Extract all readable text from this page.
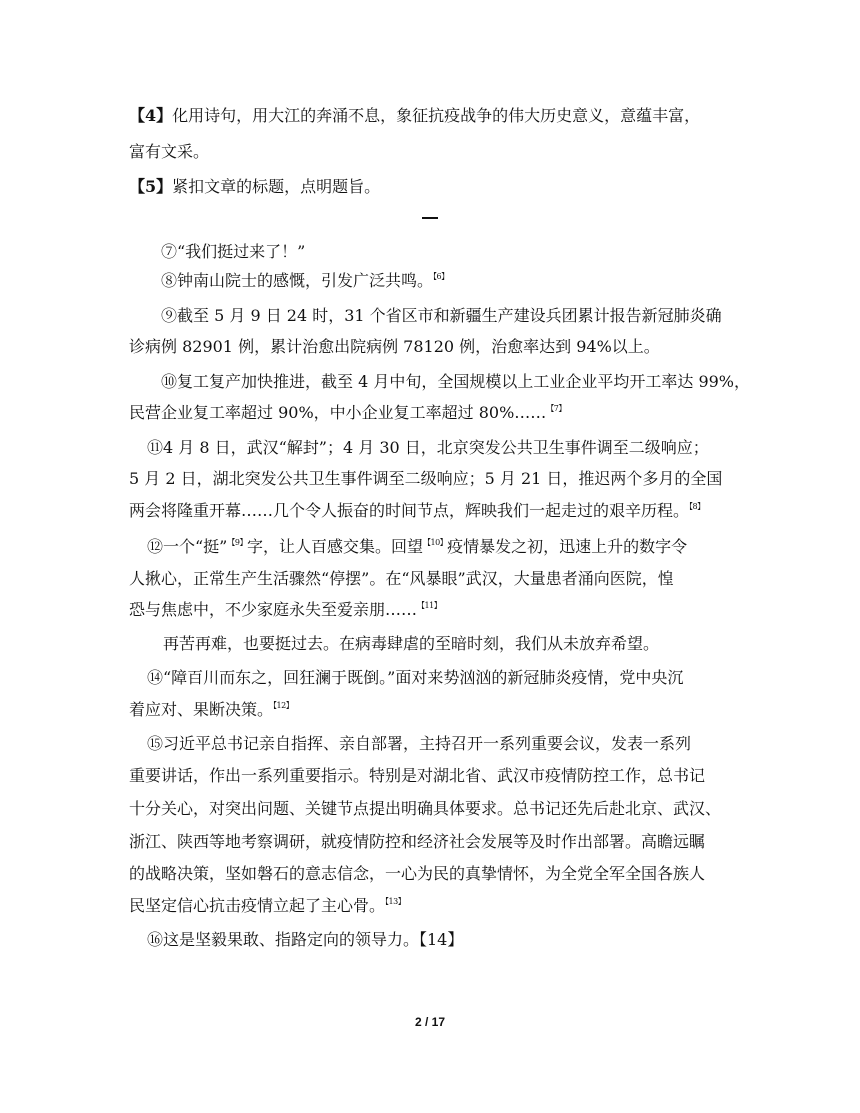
【4】化用诗句，用大江的奔涌不息，象征抗疫战争的伟大历史意义，意蕴丰富，
富有文采。
【5】紧扣文章的标题，点明题旨。
⑦“我们挺过来了！”
⑧钟南山院士的感慨，引发广泛共鸣。$^{【6】}$
⑨截至 5 月 9 日 24 时，31 个省区市和新疆生产建设兵团累计报告新冠肺炎确
诊病例 82901 例，累计治愈出院病例 78120 例，治愈率达到 94%以上。
⑩复工复产加快推进，截至 4 月中旬，全国规模以上工业企业平均开工率达 99%，
民营企业复工率超过 90%，中小企业复工率超过 80%……$^{【7】}$
⑪4 月 8 日，武汉“解封”；4 月 30 日，北京突发公共卫生事件调至二级响应；
5 月 2 日，湖北突发公共卫生事件调至二级响应；5 月 21 日，推迟两个多月的全国
两会将隆重开幕……几个令人振奋的时间节点，辉映我们一起走过的艰辛历程。$^{【8】}$
⑫一个“挺”$^{【9】}$字，让人百感交集。回望$^{【10】}$疫情暴发之初，迅速上升的数字令
人揪心，正常生产生活骤然“停摆”。在“风暴眼”武汉，大量患者涌向医院，惶
恐与焦虑中，不少家庭永失至爱亲朋……$^{【11】}$
再苦再难，也要挺过去。在病毒肆虐的至暗时刻，我们从未放弃希望。
⑭“障百川而东之，回狂澜于既倒。”面对来势汹汹的新冠肺炎疫情，党中央沉
着应对、果断决策。$^{【12】}$
⑮习近平总书记亲自指挥、亲自部署，主持召开一系列重要会议，发表一系列
重要讲话，作出一系列重要指示。特别是对湖北省、武汉市疫情防控工作，总书记
十分关心，对突出问题、关键节点提出明确具体要求。总书记还先后赴北京、武汉、
浙江、陕西等地考察调研，就疫情防控和经济社会发展等及时作出部署。高瞻远瞩
的战略决策，坚如磐石的意志信念，一心为民的真挚情怀，为全党全军全国各族人
民坚定信心抗击疫情立起了主心骨。$^{【13】}$
⑯这是坚毅果敢、指路定向的领导力。【14】
2 / 17
